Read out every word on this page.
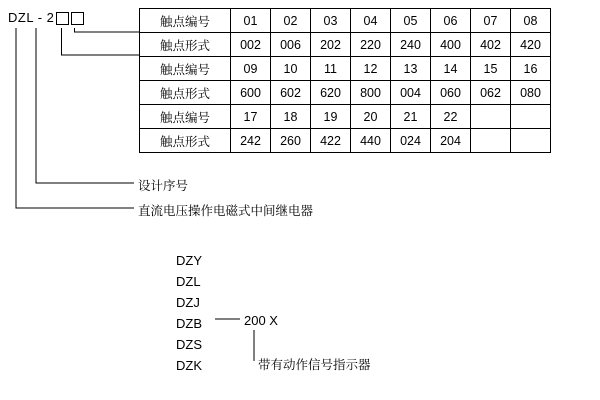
DZL - 2	触点编号	01	02	03	04	05	06	07	08
触点形式	002	006	202	220	240	400	402	420
触点编号	09	10	11	12	13	14	15	16
触点形式	600	602	620	800	004	060	062	080
触点编号	17	18	19	20	21	22		
触点形式	242	260	422	440	024	204		
设计序号
直流电压操作电磁式中间继电器
DZY
DZL
DZJ
DZB
DZS
DZK
200 X
带有动作信号指示器
